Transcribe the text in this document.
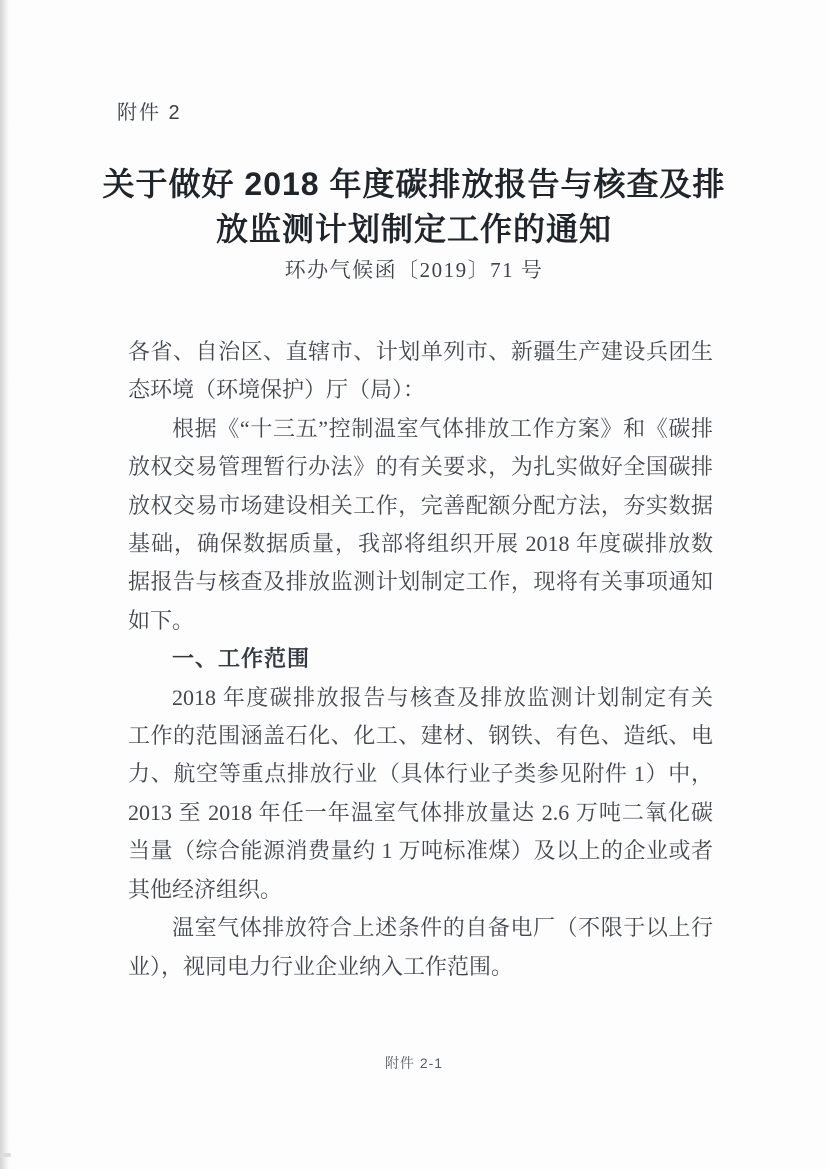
附件 2
关于做好 2018 年度碳排放报告与核查及排
放监测计划制定工作的通知
环办气候函〔2019〕71 号
各省、自治区、直辖市、计划单列市、新疆生产建设兵团生
态环境（环境保护）厅（局）：
根据《“十三五”控制温室气体排放工作方案》和《碳排
放权交易管理暂行办法》的有关要求，为扎实做好全国碳排
放权交易市场建设相关工作，完善配额分配方法，夯实数据
基础，确保数据质量，我部将组织开展 2018 年度碳排放数
据报告与核查及排放监测计划制定工作，现将有关事项通知
如下。
一、工作范围
2018 年度碳排放报告与核查及排放监测计划制定有关
工作的范围涵盖石化、化工、建材、钢铁、有色、造纸、电
力、航空等重点排放行业（具体行业子类参见附件 1）中，
2013 至 2018 年任一年温室气体排放量达 2.6 万吨二氧化碳
当量（综合能源消费量约 1 万吨标准煤）及以上的企业或者
其他经济组织。
温室气体排放符合上述条件的自备电厂（不限于以上行
业），视同电力行业企业纳入工作范围。
附件 2-1
